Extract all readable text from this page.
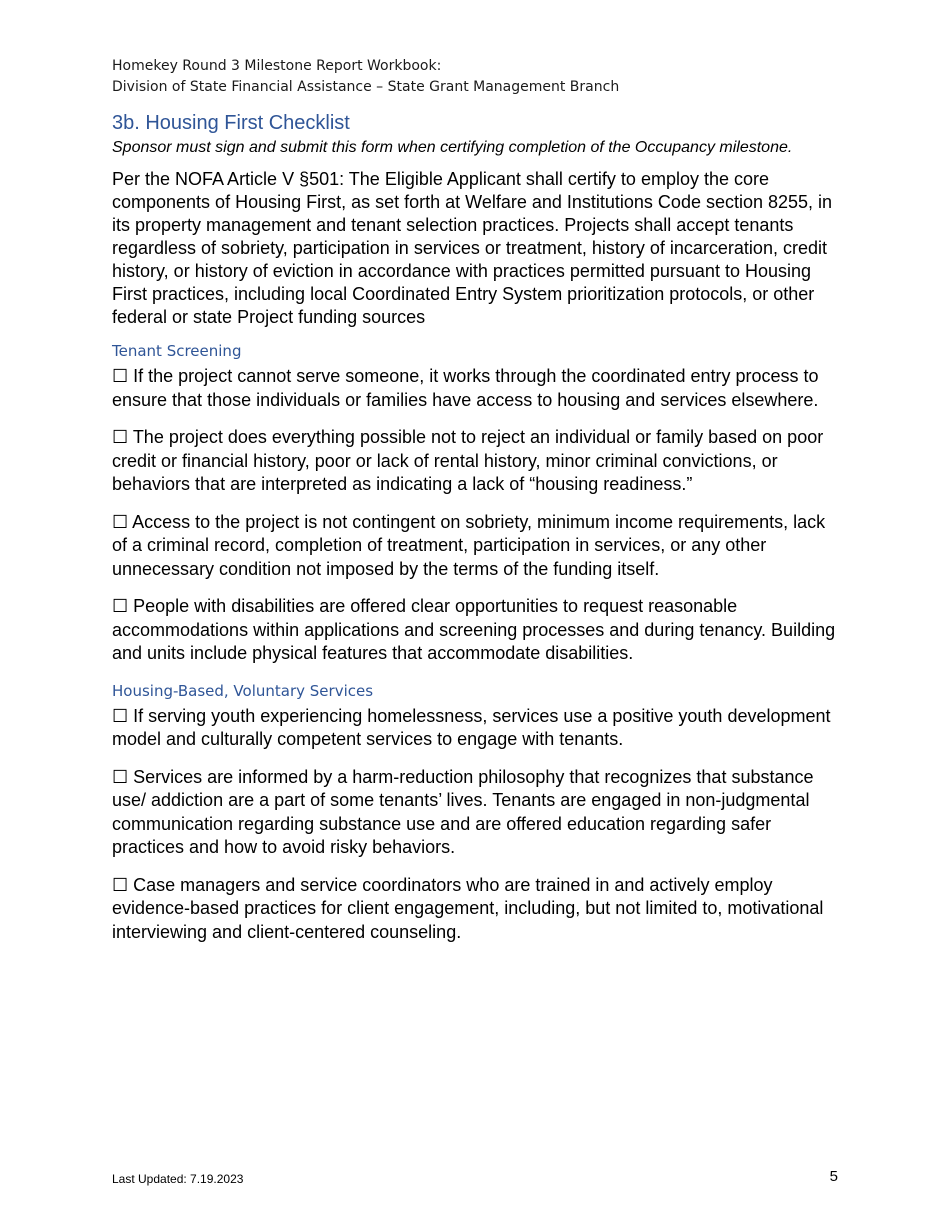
Homekey Round 3 Milestone Report Workbook:
Division of State Financial Assistance – State Grant Management Branch
3b. Housing First Checklist
Sponsor must sign and submit this form when certifying completion of the Occupancy milestone.
Per the NOFA Article V §501: The Eligible Applicant shall certify to employ the core components of Housing First, as set forth at Welfare and Institutions Code section 8255, in its property management and tenant selection practices. Projects shall accept tenants regardless of sobriety, participation in services or treatment, history of incarceration, credit history, or history of eviction in accordance with practices permitted pursuant to Housing First practices, including local Coordinated Entry System prioritization protocols, or other federal or state Project funding sources
Tenant Screening

☐ If the project cannot serve someone, it works through the coordinated entry process to ensure that those individuals or families have access to housing and services elsewhere.

☐ The project does everything possible not to reject an individual or family based on poor credit or financial history, poor or lack of rental history, minor criminal convictions, or behaviors that are interpreted as indicating a lack of “housing readiness.”

☐ Access to the project is not contingent on sobriety, minimum income requirements, lack of a criminal record, completion of treatment, participation in services, or any other unnecessary condition not imposed by the terms of the funding itself.

☐ People with disabilities are offered clear opportunities to request reasonable accommodations within applications and screening processes and during tenancy. Building and units include physical features that accommodate disabilities.

Housing-Based, Voluntary Services

☐ If serving youth experiencing homelessness, services use a positive youth development model and culturally competent services to engage with tenants.

☐ Services are informed by a harm-reduction philosophy that recognizes that substance use/ addiction are a part of some tenants’ lives. Tenants are engaged in non-judgmental communication regarding substance use and are offered education regarding safer practices and how to avoid risky behaviors.

☐ Case managers and service coordinators who are trained in and actively employ evidence-based practices for client engagement, including, but not limited to, motivational interviewing and client-centered counseling.

Last Updated: 7.19.2023	5
